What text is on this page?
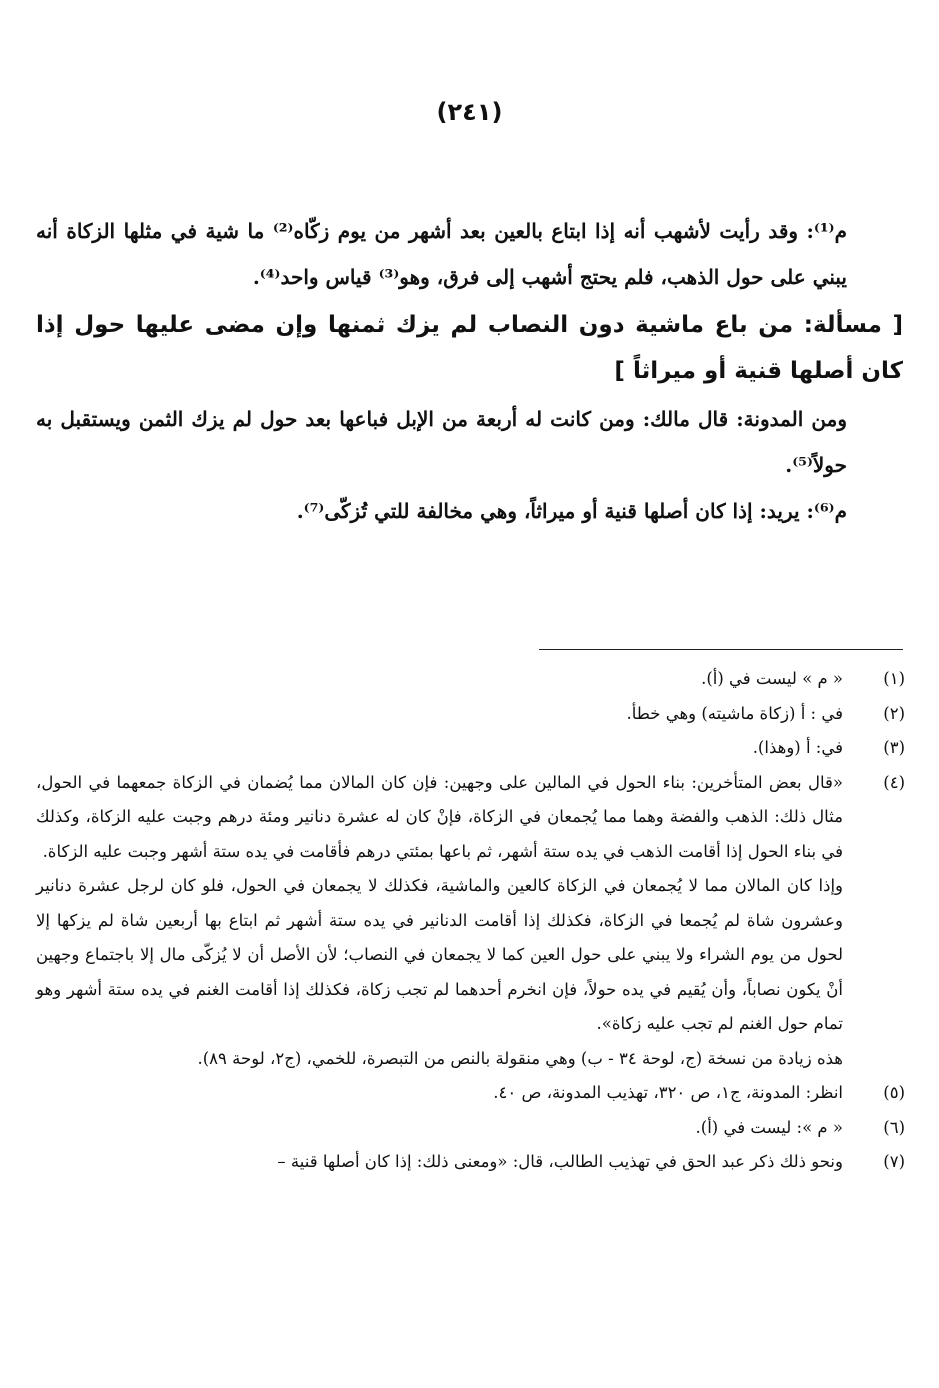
(٢٤١)

م⁽¹⁾: وقد رأيت لأشهب أنه إذا ابتاع بالعين بعد أشهر من يوم زكّاه⁽²⁾ ما شية في مثلها الزكاة أنه يبني على حول الذهب، فلم يحتج أشهب إلى فرق، وهو⁽³⁾ قياس واحد⁽⁴⁾.

[ مسألة: من باع ماشية دون النصاب لم يزك ثمنها وإن مضى عليها حول إذا كان أصلها قنية أو ميراثاً ]

ومن المدونة: قال مالك: ومن كانت له أربعة من الإبل فباعها بعد حول لم يزك الثمن ويستقبل به حولاً⁽⁵⁾.

م⁽⁶⁾: يريد: إذا كان أصلها قنية أو ميراثاً، وهي مخالفة للتي تُزكّى⁽⁷⁾.

(١)
« م » ليست في (أ).
(٢)
في : أ (زكاة ماشيته) وهي خطأ.
(٣)
في: أ (وهذا).
(٤)
«قال بعض المتأخرين: بناء الحول في المالين على وجهين: فإن كان المالان مما يُضمان في الزكاة جمعهما في الحول، مثال ذلك: الذهب والفضة وهما مما يُجمعان في الزكاة، فإنْ كان له عشرة دنانير ومئة درهم وجبت عليه الزكاة، وكذلك في بناء الحول إذا أقامت الذهب في يده ستة أشهر، ثم باعها بمئتي درهم فأقامت في يده ستة أشهر وجبت عليه الزكاة.
وإذا كان المالان مما لا يُجمعان في الزكاة كالعين والماشية، فكذلك لا يجمعان في الحول، فلو كان لرجل عشرة دنانير وعشرون شاة لم يُجمعا في الزكاة، فكذلك إذا أقامت الدنانير في يده ستة أشهر ثم ابتاع بها أربعين شاة لم يزكها إلا لحول من يوم الشراء ولا يبني على حول العين كما لا يجمعان في النصاب؛ لأن الأصل أن لا يُزكّى مال إلا باجتماع وجهين أنْ يكون نصاباً، وأن يُقيم في يده حولاً، فإن انخرم أحدهما لم تجب زكاة، فكذلك إذا أقامت الغنم في يده ستة أشهر وهو تمام حول الغنم لم تجب عليه زكاة».
هذه زيادة من نسخة (ج، لوحة ٣٤ - ب) وهي منقولة بالنص من التبصرة، للخمي، (ج٢، لوحة ٨٩).
(٥)
انظر: المدونة، ج١، ص ٣٢٠، تهذيب المدونة، ص ٤٠.
(٦)
« م »: ليست في (أ).
(٧)
ونحو ذلك ذكر عبد الحق في تهذيب الطالب، قال: «ومعنى ذلك: إذا كان أصلها قنية –
